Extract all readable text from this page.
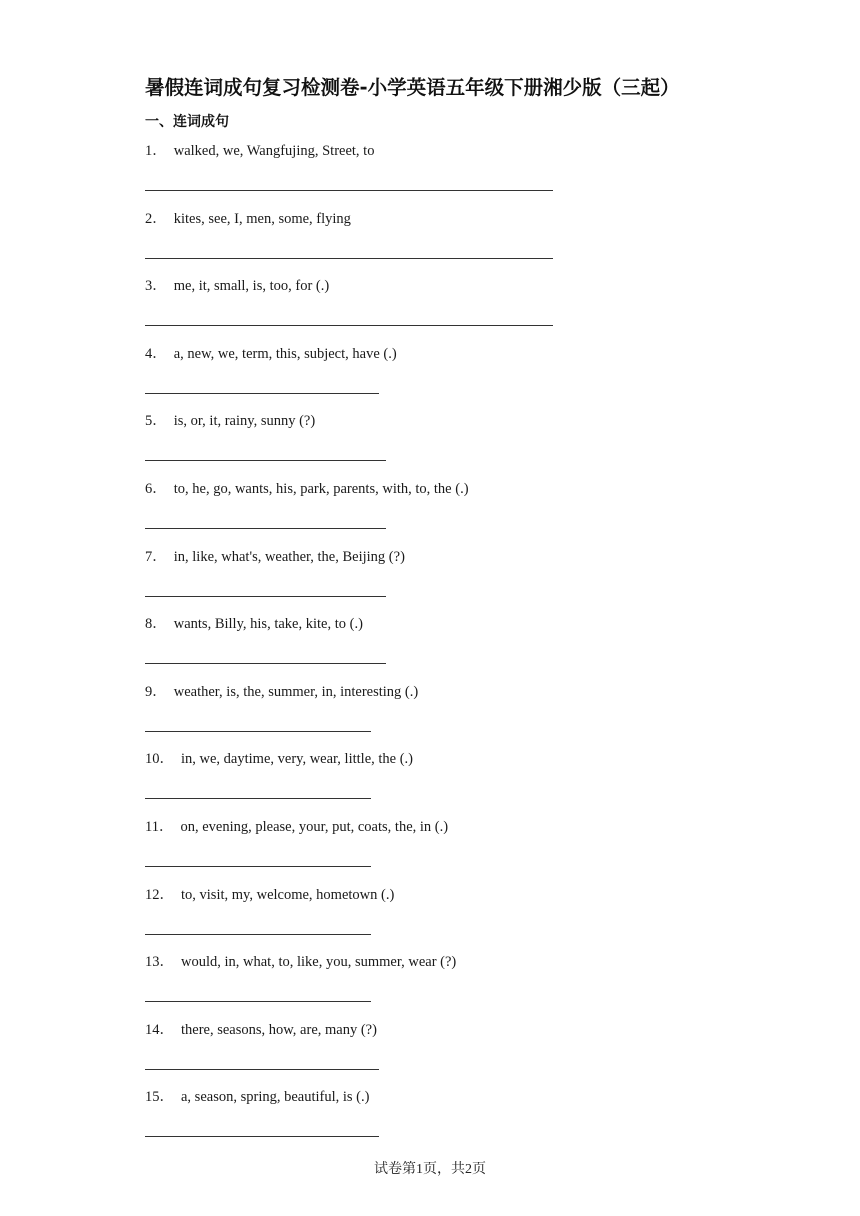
暑假连词成句复习检测卷-小学英语五年级下册湘少版（三起）
一、连词成句
1． walked, we, Wangfujing, Street, to
2． kites, see, I, men, some, flying
3． me, it, small, is, too, for (.)
4． a, new, we, term, this, subject, have (.)
5． is, or, it, rainy, sunny (?)
6． to, he, go, wants, his, park, parents, with, to, the (.)
7． in, like, what's, weather, the, Beijing (?)
8． wants, Billy, his, take, kite, to (.)
9． weather, is, the, summer, in, interesting (.)
10． in, we, daytime, very, wear, little, the (.)
11． on, evening, please, your, put, coats, the, in (.)
12． to, visit, my, welcome, hometown (.)
13． would, in, what, to, like, you, summer, wear (?)
14． there, seasons, how, are, many (?)
15． a, season, spring, beautiful, is (.)
试卷第1页，共2页
